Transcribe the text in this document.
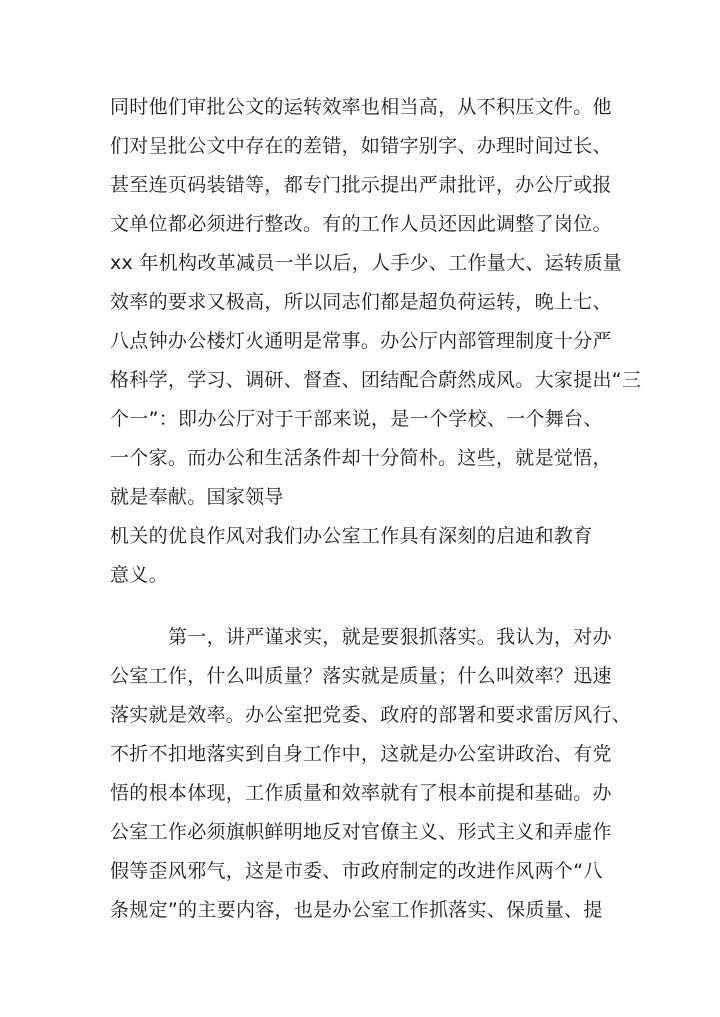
同时他们审批公文的运转效率也相当高，从不积压文件。他
们对呈批公文中存在的差错，如错字别字、办理时间过长、
甚至连页码装错等，都专门批示提出严肃批评，办公厅或报
文单位都必须进行整改。有的工作人员还因此调整了岗位。
xx 年机构改革减员一半以后，人手少、工作量大、运转质量
效率的要求又极高，所以同志们都是超负荷运转，晚上七、
八点钟办公楼灯火通明是常事。办公厅内部管理制度十分严
格科学，学习、调研、督查、团结配合蔚然成风。大家提出“三
个一”：即办公厅对于干部来说，是一个学校、一个舞台、
一个家。而办公和生活条件却十分简朴。这些，就是觉悟，
就是奉献。国家领导
机关的优良作风对我们办公室工作具有深刻的启迪和教育
意义。
第一，讲严谨求实，就是要狠抓落实。我认为，对办
公室工作，什么叫质量？落实就是质量；什么叫效率？迅速
落实就是效率。办公室把党委、政府的部署和要求雷厉风行、
不折不扣地落实到自身工作中，这就是办公室讲政治、有党
悟的根本体现，工作质量和效率就有了根本前提和基础。办
公室工作必须旗帜鲜明地反对官僚主义、形式主义和弄虚作
假等歪风邪气，这是市委、市政府制定的改进作风两个“八
条规定”的主要内容，也是办公室工作抓落实、保质量、提
